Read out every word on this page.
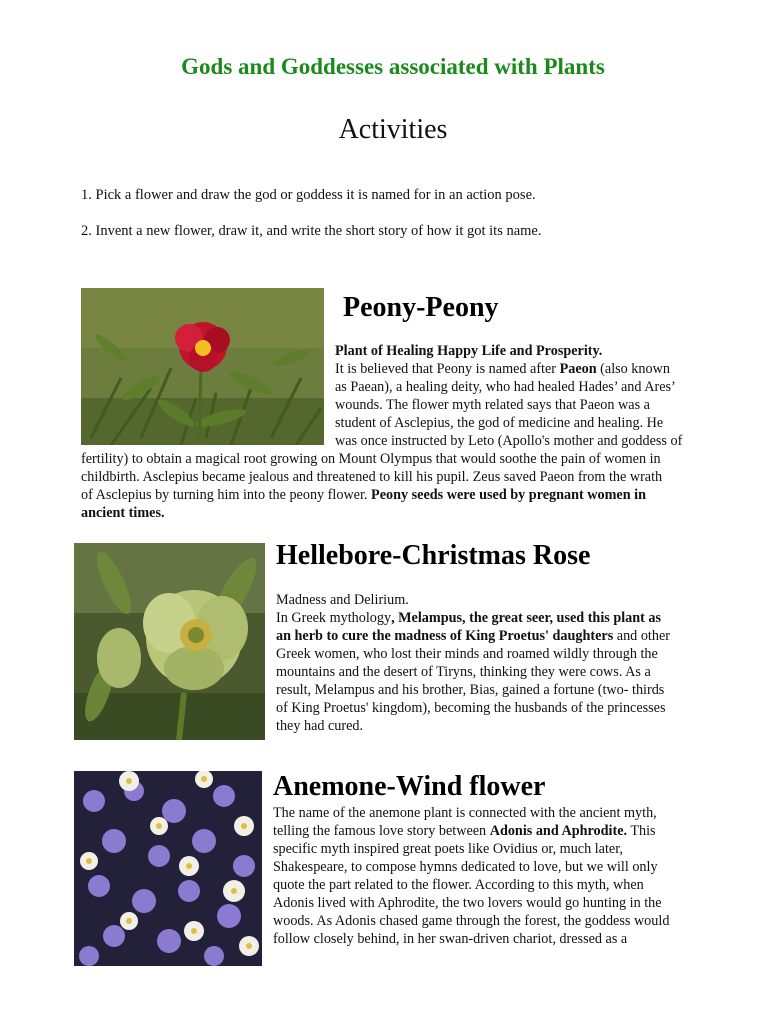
Gods and Goddesses associated with Plants
Activities
1. Pick a flower and draw the god or goddess it is named for in an action pose.
2. Invent a new flower, draw it, and write the short story of how it got its name.
Peony-Peony
Plant of Healing Happy Life and Prosperity.
It is believed that Peony is named after Paeon (also known
as Paean), a healing deity, who had healed Hades’ and Ares’
wounds. The flower myth related says that Paeon was a
student of Asclepius, the god of medicine and healing. He
was once instructed by Leto (Apollo's mother and goddess of
fertility) to obtain a magical root growing on Mount Olympus that would soothe the pain of women in
childbirth. Asclepius became jealous and threatened to kill his pupil. Zeus saved Paeon from the wrath
of Asclepius by turning him into the peony flower. Peony seeds were used by pregnant women in
ancient times.
Hellebore-Christmas Rose
Madness and Delirium.
In Greek mythology, Melampus, the great seer, used this plant as
an herb to cure the madness of King Proetus' daughters and other
Greek women, who lost their minds and roamed wildly through the
mountains and the desert of Tiryns, thinking they were cows. As a
result, Melampus and his brother, Bias, gained a fortune (two- thirds
of King Proetus' kingdom), becoming the husbands of the princesses
they had cured.
Anemone-Wind flower
The name of the anemone plant is connected with the ancient myth,
telling the famous love story between Adonis and Aphrodite. This
specific myth inspired great poets like Ovidius or, much later,
Shakespeare, to compose hymns dedicated to love, but we will only
quote the part related to the flower. According to this myth, when
Adonis lived with Aphrodite, the two lovers would go hunting in the
woods. As Adonis chased game through the forest, the goddess would
follow closely behind, in her swan-driven chariot, dressed as a
